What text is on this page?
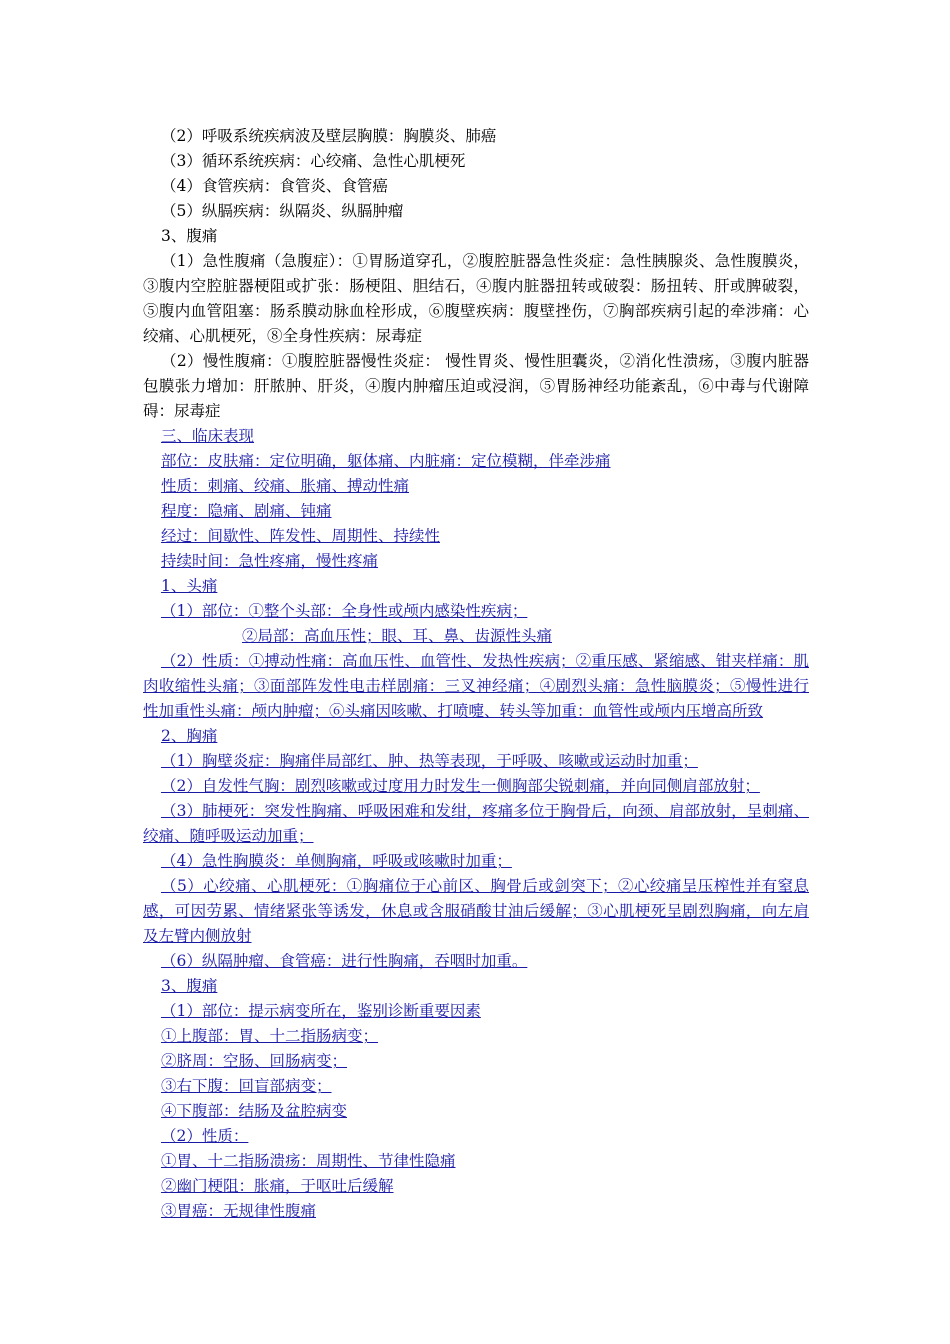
（2）呼吸系统疾病波及壁层胸膜：胸膜炎、肺癌

（3）循环系统疾病：心绞痛、急性心肌梗死

（4）食管疾病：食管炎、食管癌

（5）纵膈疾病：纵隔炎、纵膈肿瘤

3、腹痛

（1）急性腹痛（急腹症）：①胃肠道穿孔，②腹腔脏器急性炎症：急性胰腺炎、急性腹膜炎，③腹内空腔脏器梗阻或扩张：肠梗阻、胆结石，④腹内脏器扭转或破裂：肠扭转、肝或脾破裂，⑤腹内血管阻塞：肠系膜动脉血栓形成，⑥腹壁疾病：腹壁挫伤，⑦胸部疾病引起的牵涉痛：心绞痛、心肌梗死，⑧全身性疾病：尿毒症

（2）慢性腹痛：①腹腔脏器慢性炎症： 慢性胃炎、慢性胆囊炎，②消化性溃疡，③腹内脏器包膜张力增加：肝脓肿、肝炎，④腹内肿瘤压迫或浸润，⑤胃肠神经功能紊乱，⑥中毒与代谢障碍：尿毒症

三、临床表现

部位：皮肤痛：定位明确，躯体痛、内脏痛：定位模糊，伴牵涉痛

性质：刺痛、绞痛、胀痛、搏动性痛

程度：隐痛、剧痛、钝痛

经过：间歇性、阵发性、周期性、持续性

持续时间：急性疼痛，慢性疼痛

1、头痛

（1）部位：①整个头部：全身性或颅内感染性疾病；

②局部：高血压性；眼、耳、鼻、齿源性头痛

（2）性质：①搏动性痛：高血压性、血管性、发热性疾病；②重压感、紧缩感、钳夹样痛：肌肉收缩性头痛；③面部阵发性电击样剧痛：三叉神经痛；④剧烈头痛：急性脑膜炎；⑤慢性进行性加重性头痛：颅内肿瘤；⑥头痛因咳嗽、打喷嚏、转头等加重：血管性或颅内压增高所致

2、胸痛

（1）胸壁炎症：胸痛伴局部红、肿、热等表现，于呼吸、咳嗽或运动时加重；

（2）自发性气胸：剧烈咳嗽或过度用力时发生一侧胸部尖锐刺痛，并向同侧肩部放射；

（3）肺梗死：突发性胸痛、呼吸困难和发绀，疼痛多位于胸骨后，向颈、肩部放射，呈刺痛、绞痛、随呼吸运动加重；

（4）急性胸膜炎：单侧胸痛，呼吸或咳嗽时加重；

（5）心绞痛、心肌梗死：①胸痛位于心前区、胸骨后或剑突下；②心绞痛呈压榨性并有窒息感，可因劳累、情绪紧张等诱发，休息或含服硝酸甘油后缓解；③心肌梗死呈剧烈胸痛，向左肩及左臂内侧放射

（6）纵隔肿瘤、食管癌：进行性胸痛，吞咽时加重。

3、腹痛

（1）部位：提示病变所在，鉴别诊断重要因素

①上腹部：胃、十二指肠病变；

②脐周：空肠、回肠病变；

③右下腹：回盲部病变；

④下腹部：结肠及盆腔病变

（2）性质：

①胃、十二指肠溃疡：周期性、节律性隐痛

②幽门梗阻：胀痛，于呕吐后缓解

③胃癌：无规律性腹痛
